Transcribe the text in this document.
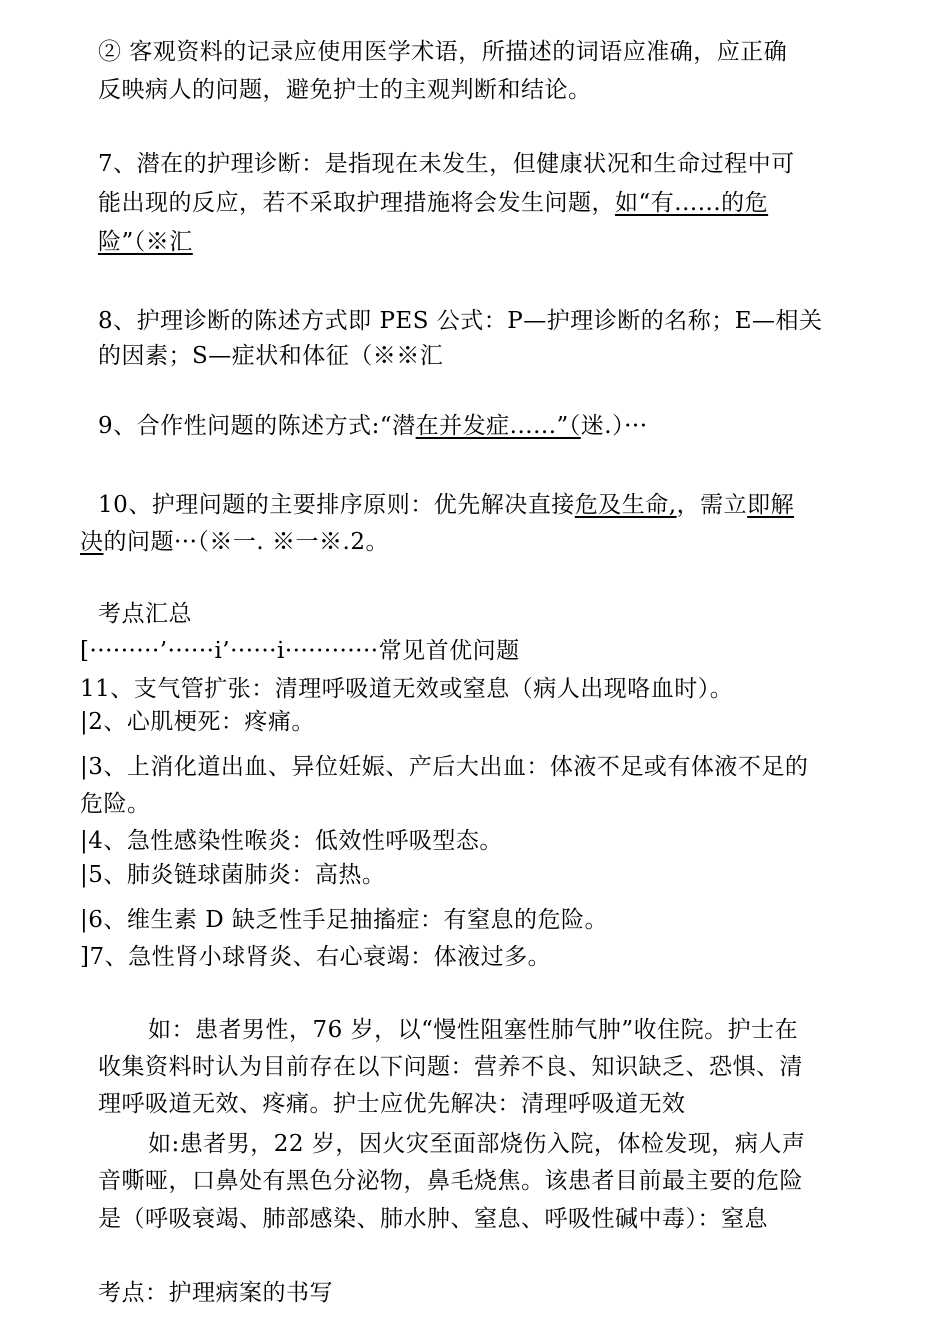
② 客观资料的记录应使用医学术语，所描述的词语应准确，应正确
反映病人的问题，避免护士的主观判断和结论。
7、潜在的护理诊断：是指现在未发生，但健康状况和生命过程中可
能出现的反应，若不采取护理措施将会发生问题，如“有......的危
险”（※汇
8、护理诊断的陈述方式即 PES 公式：P—护理诊断的名称；E—相关
的因素；S—症状和体征（※※汇
9、合作性问题的陈述方式:“潜在并发症......”（迷.）···
10、护理问题的主要排序原则：优先解决直接危及生命,，需立即解
决的问题···（※一. ※一※.2。
考点汇总
[·········’······i’······i············常见首优问题
11、支气管扩张：清理呼吸道无效或窒息（病人出现咯血时）。
|2、心肌梗死：疼痛。
|3、上消化道出血、异位妊娠、产后大出血：体液不足或有体液不足的
危险。
|4、急性感染性喉炎：低效性呼吸型态。
|5、肺炎链球菌肺炎：高热。
|6、维生素 D 缺乏性手足抽搐症：有窒息的危险。
]7、急性肾小球肾炎、右心衰竭：体液过多。
如：患者男性，76 岁，以“慢性阻塞性肺气肿”收住院。护士在
收集资料时认为目前存在以下问题：营养不良、知识缺乏、恐惧、清
理呼吸道无效、疼痛。护士应优先解决：清理呼吸道无效
如:患者男，22 岁，因火灾至面部烧伤入院，体检发现，病人声
音嘶哑，口鼻处有黑色分泌物，鼻毛烧焦。该患者目前最主要的危险
是（呼吸衰竭、肺部感染、肺水肿、窒息、呼吸性碱中毒）：窒息
考点：护理病案的书写
